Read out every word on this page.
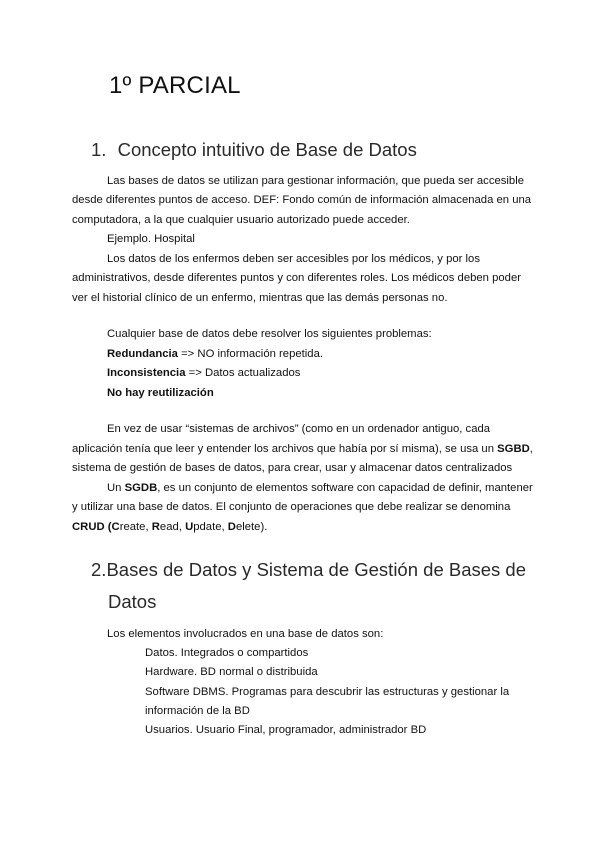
1º PARCIAL
1. Concepto intuitivo de Base de Datos
Las bases de datos se utilizan para gestionar información, que pueda ser accesible
desde diferentes puntos de acceso. DEF: Fondo común de información almacenada en una
computadora, a la que cualquier usuario autorizado puede acceder.
Ejemplo. Hospital
Los datos de los enfermos deben ser accesibles por los médicos, y por los
administrativos, desde diferentes puntos y con diferentes roles. Los médicos deben poder
ver el historial clínico de un enfermo, mientras que las demás personas no.
Cualquier base de datos debe resolver los siguientes problemas:
Redundancia => NO información repetida.
Inconsistencia => Datos actualizados
No hay reutilización
En vez de usar “sistemas de archivos” (como en un ordenador antiguo, cada
aplicación tenía que leer y entender los archivos que había por sí misma), se usa un SGBD,
sistema de gestión de bases de datos, para crear, usar y almacenar datos centralizados
Un SGDB, es un conjunto de elementos software con capacidad de definir, mantener
y utilizar una base de datos. El conjunto de operaciones que debe realizar se denomina
CRUD (Create, Read, Update, Delete).
2.Bases de Datos y Sistema de Gestión de Bases de
Datos
Los elementos involucrados en una base de datos son:
Datos. Integrados o compartidos
Hardware. BD normal o distribuida
Software DBMS. Programas para descubrir las estructuras y gestionar la
información de la BD
Usuarios. Usuario Final, programador, administrador BD
